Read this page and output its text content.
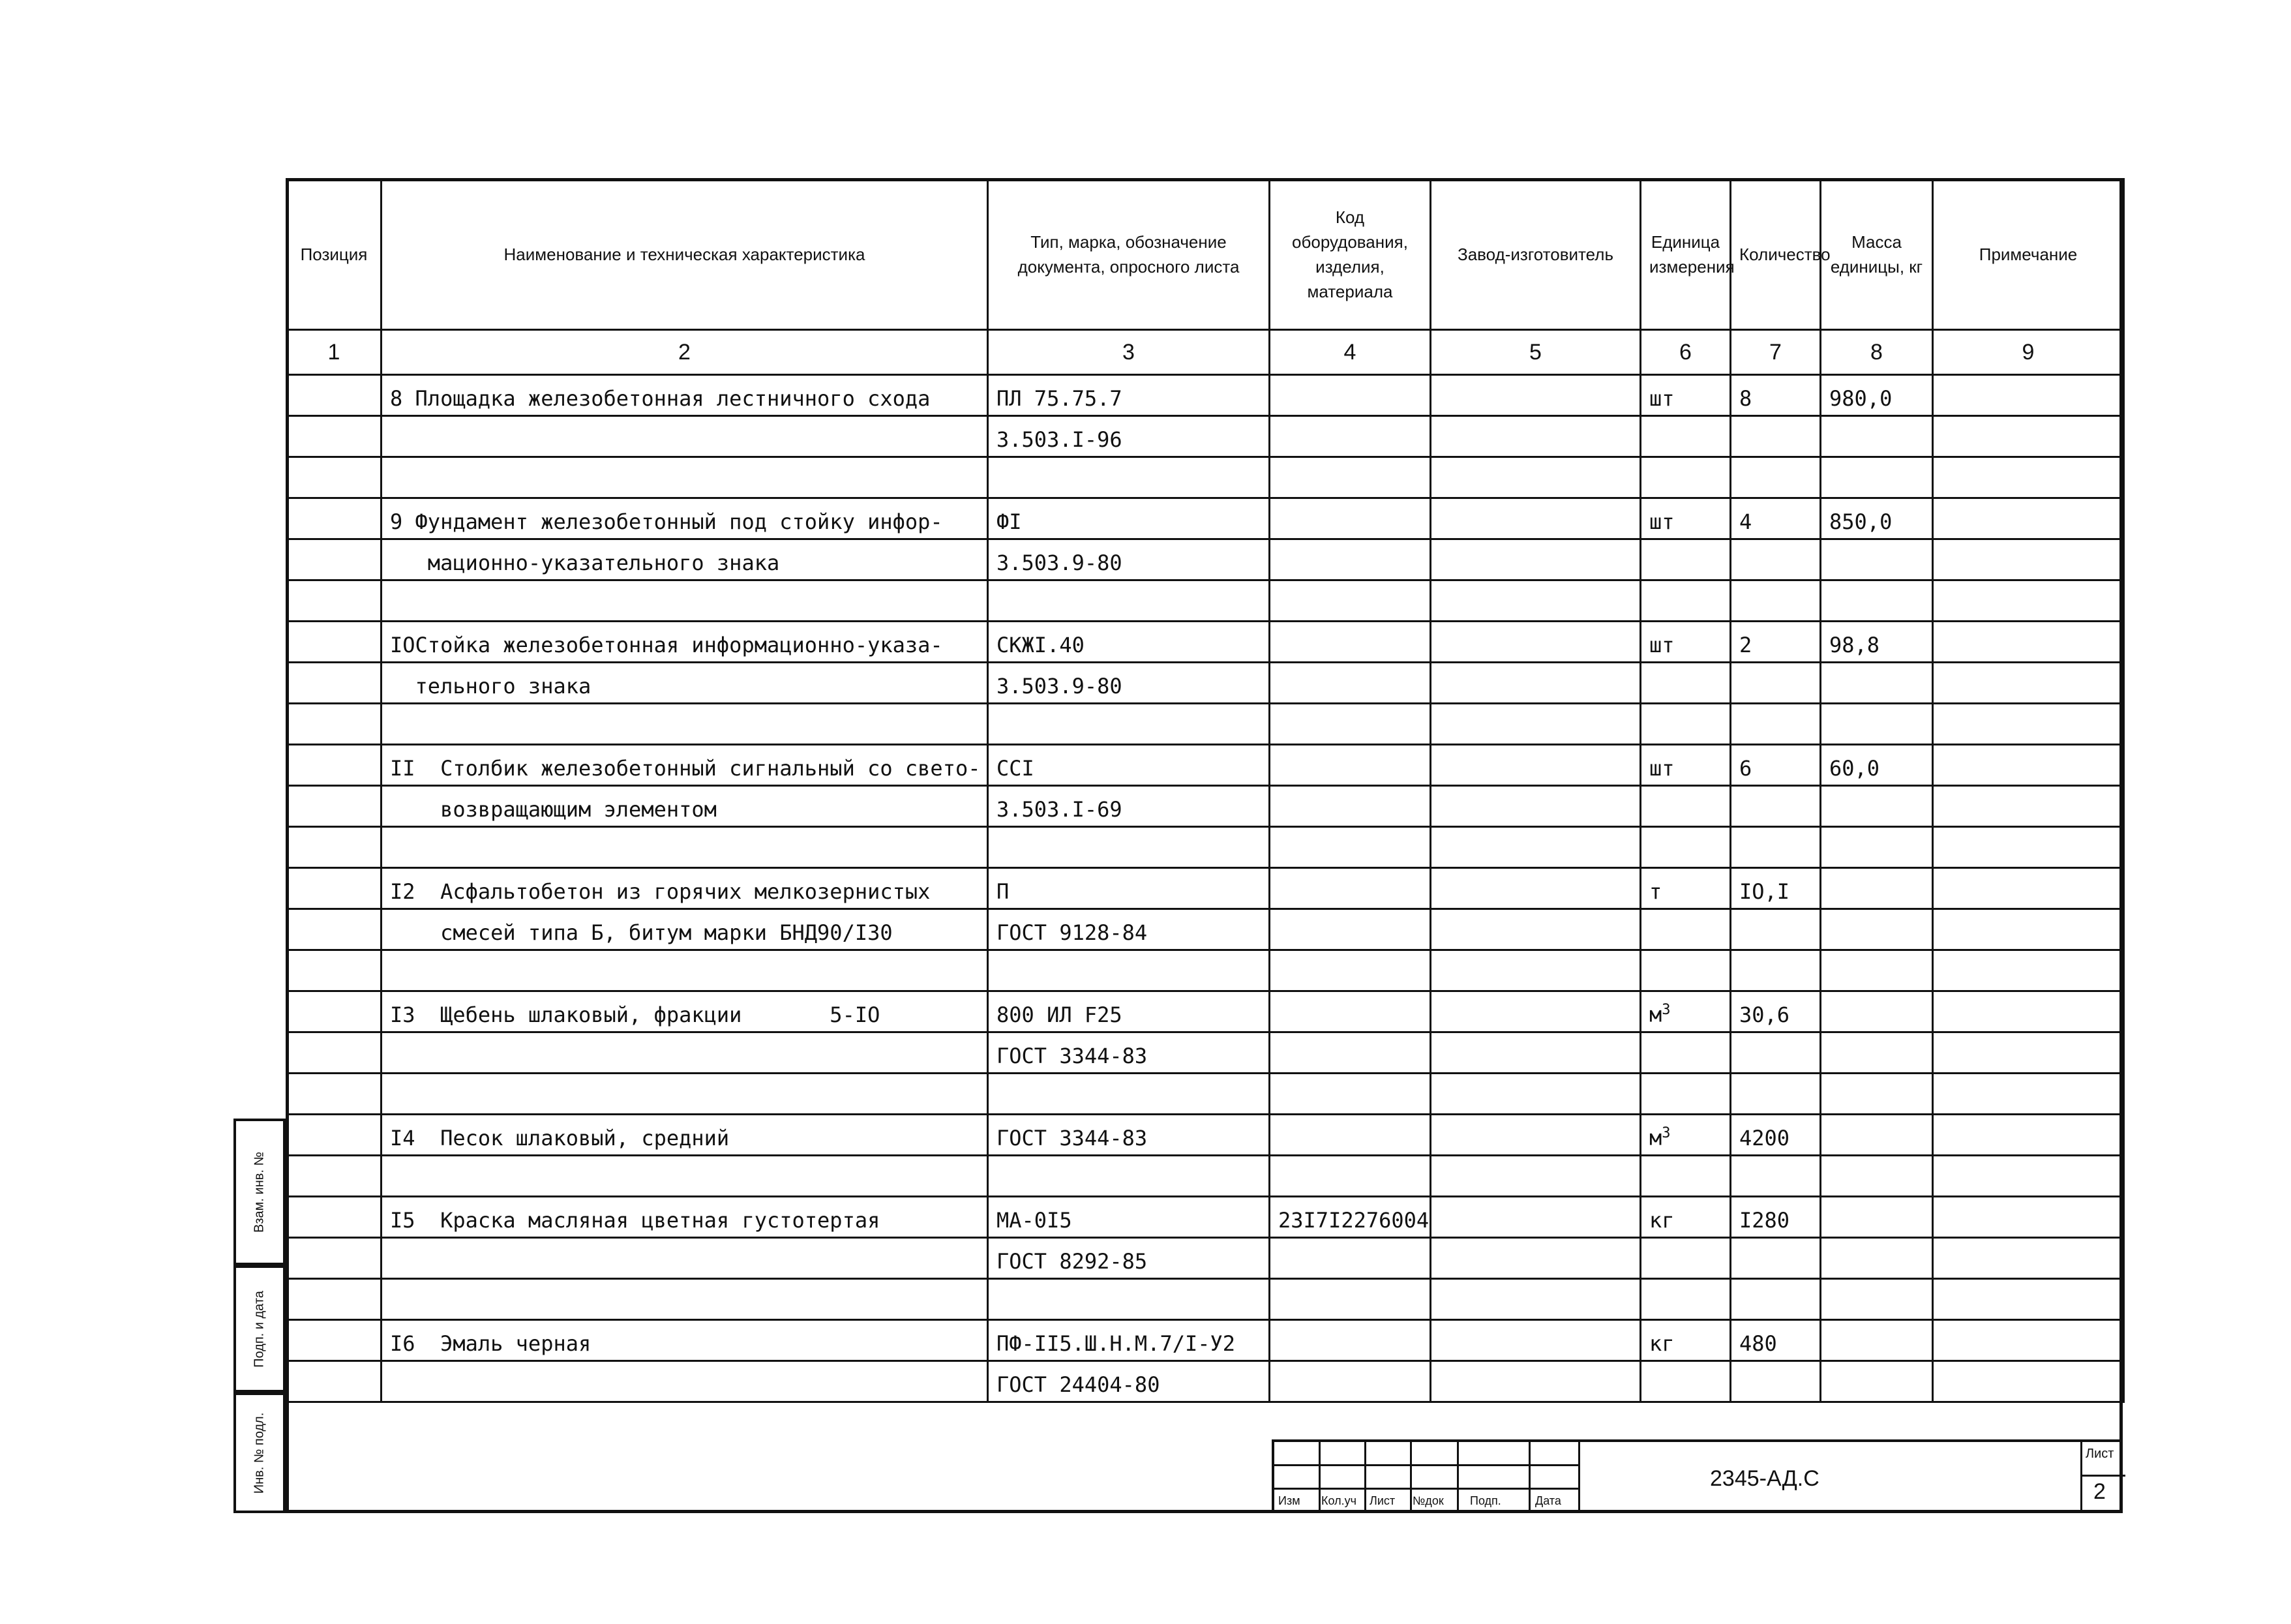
Позиция	Наименование и техническая характеристика	Тип, марка, обозначение документа, опросного листа	Код оборудования, изделия, материала	Завод-изготовитель	Единица измерения	Количество	Масса единицы, кг	Примечание
1	2	3	4	5	6	7	8	9
	8 Площадка железобетонная лестничного схода	ПЛ 75.75.7			шт	8	980,0	
		3.503.I-96						

	9 Фундамент железобетонный под стойку инфор-	ФI			шт	4	850,0	
	мационно-указательного знака	3.503.9-80						

	IOСтойка железобетонная информационно-указа-	СКЖI.40			шт	2	98,8	
	тельного знака	3.503.9-80						

	II  Столбик железобетонный сигнальный со свето-	ССI			шт	6	60,0	
	возвращающим элементом	3.503.I-69						

	I2  Асфальтобетон из горячих мелкозернистых	П			т	IO,I		
	смесей типа Б, битум марки БНД90/I30	ГОСТ 9128-84						

	I3  Щебень шлаковый, фракции       5-IO	800 ИЛ F25			$м^3$	30,6		
		ГОСТ 3344-83						

	I4  Песок шлаковый, средний	ГОСТ 3344-83			$м^3$	4200		

	I5  Краска масляная цветная густотертая	МА-0I5	23I7I2276004		кг	I280		
		ГОСТ 8292-85						

	I6  Эмаль черная	ПФ-II5.Ш.Н.М.7/I-У2			кг	480		
		ГОСТ 24404-80						
Взам. инв. №
Подп. и дата
Инв. № подл.
Изм Кол.уч Лист №док Подп.	Дата
2345-АД.С
Лист
2
